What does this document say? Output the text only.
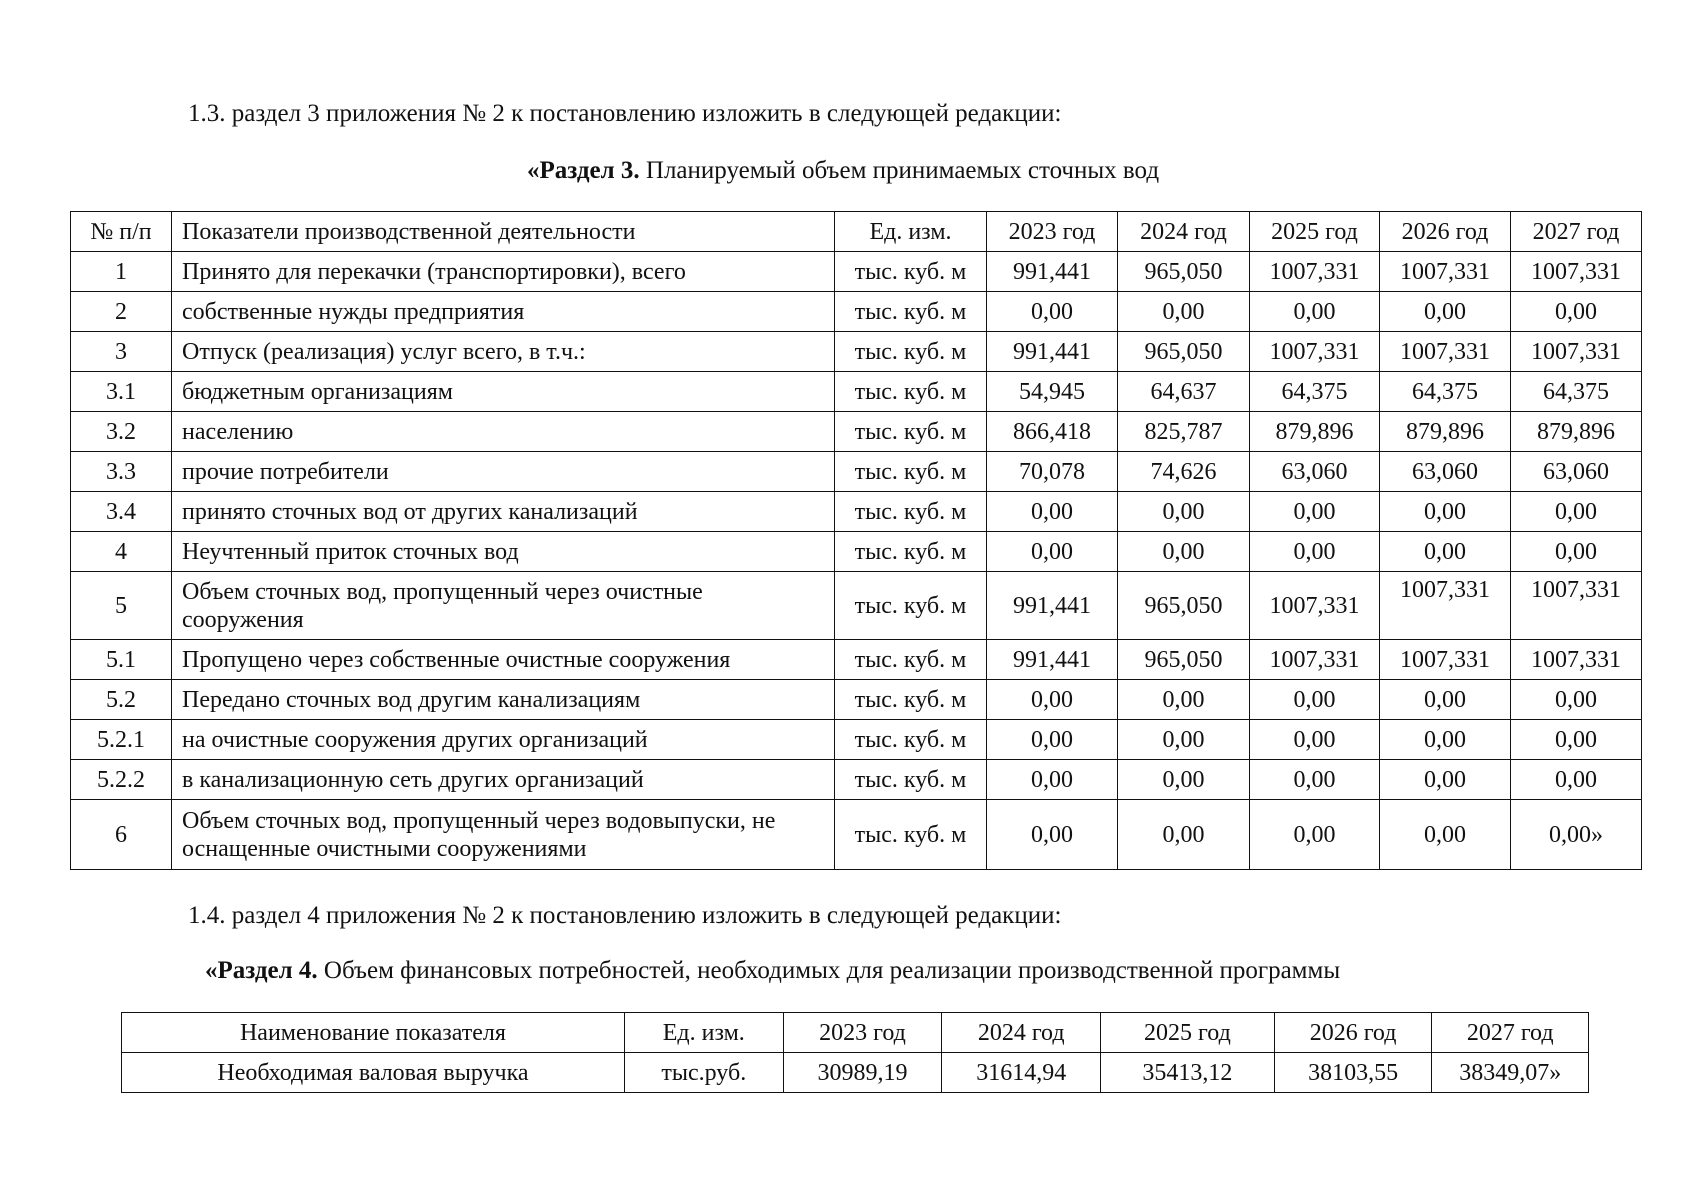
1.3. раздел 3 приложения № 2 к постановлению изложить в следующей редакции:
«Раздел 3. Планируемый объем принимаемых сточных вод
№ п/п	Показатели производственной деятельности	Ед. изм.	2023 год	2024 год	2025 год	2026 год	2027 год
1	Принято для перекачки (транспортировки), всего	тыс. куб. м	991,441	965,050	1007,331	1007,331	1007,331
2	собственные нужды предприятия	тыс. куб. м	0,00	0,00	0,00	0,00	0,00
3	Отпуск (реализация) услуг всего, в т.ч.:	тыс. куб. м	991,441	965,050	1007,331	1007,331	1007,331
3.1	бюджетным организациям	тыс. куб. м	54,945	64,637	64,375	64,375	64,375
3.2	населению	тыс. куб. м	866,418	825,787	879,896	879,896	879,896
3.3	прочие потребители	тыс. куб. м	70,078	74,626	63,060	63,060	63,060
3.4	принято сточных вод от других канализаций	тыс. куб. м	0,00	0,00	0,00	0,00	0,00
4	Неучтенный приток сточных вод	тыс. куб. м	0,00	0,00	0,00	0,00	0,00
5	Объем сточных вод, пропущенный через очистные сооружения	тыс. куб. м	991,441	965,050	1007,331	1007,331	1007,331
5.1	Пропущено через собственные очистные сооружения	тыс. куб. м	991,441	965,050	1007,331	1007,331	1007,331
5.2	Передано сточных вод другим канализациям	тыс. куб. м	0,00	0,00	0,00	0,00	0,00
5.2.1	на очистные сооружения других организаций	тыс. куб. м	0,00	0,00	0,00	0,00	0,00
5.2.2	в канализационную сеть других организаций	тыс. куб. м	0,00	0,00	0,00	0,00	0,00
6	Объем сточных вод, пропущенный через водовыпуски, не оснащенные очистными сооружениями	тыс. куб. м	0,00	0,00	0,00	0,00	0,00»
1.4. раздел 4 приложения № 2 к постановлению изложить в следующей редакции:
«Раздел 4. Объем финансовых потребностей, необходимых для реализации производственной программы
Наименование показателя	Ед. изм.	2023 год	2024 год	2025 год	2026 год	2027 год
Необходимая валовая выручка	тыс.руб.	30989,19	31614,94	35413,12	38103,55	38349,07»
